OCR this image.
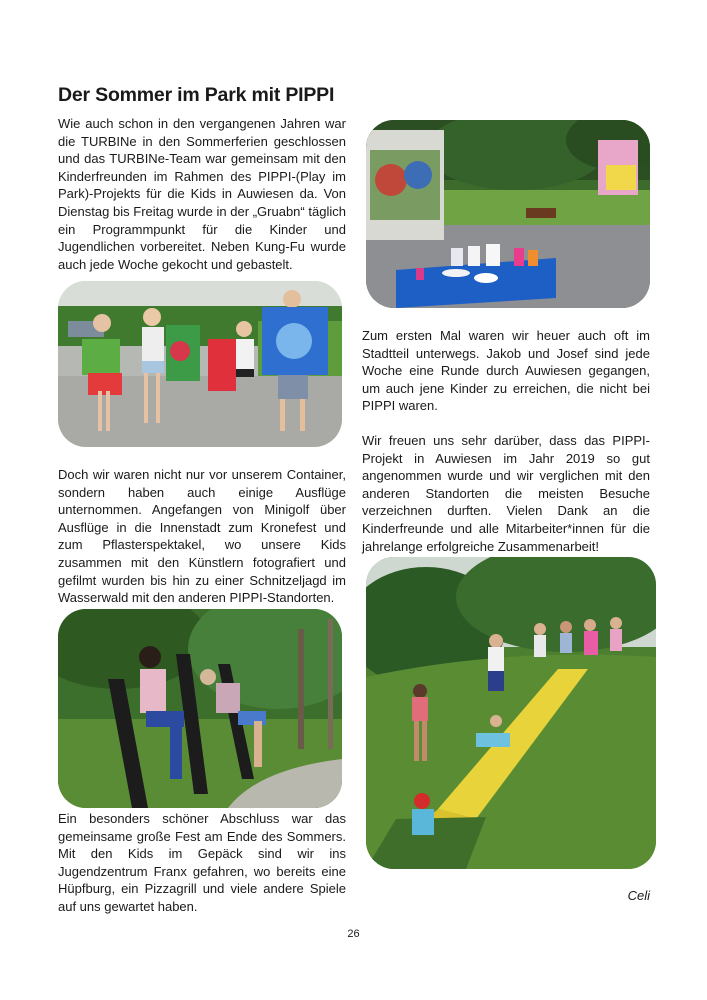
Der Sommer im Park mit PIPPI

Wie auch schon in den vergangenen Jahren war die TURBINe in den Sommerferien geschlossen und das TURBINe-Team war gemeinsam mit den Kinderfreunden im Rahmen des PIPPI-(Play im Park)-Projekts für die Kids in Auwiesen da. Von Dienstag bis Freitag wurde in der „Gruabn“ täglich ein Programmpunkt für die Kinder und Jugendlichen vorbereitet. Neben Kung-Fu wurde auch jede Woche gekocht und gebastelt.

Doch wir waren nicht nur vor unserem Container, sondern haben auch einige Ausflüge unternommen. Angefangen von Minigolf über Ausflüge in die Innenstadt zum Kronefest und zum Pflasterspektakel, wo unsere Kids zusammen mit den Künstlern fotografiert und gefilmt wurden bis hin zu einer Schnitzeljagd im Wasserwald mit den anderen PIPPI-Standorten.

Ein besonders schöner Abschluss war das gemeinsame große Fest am Ende des Sommers. Mit den Kids im Gepäck sind wir ins Jugendzentrum Franx gefahren, wo bereits eine Hüpfburg, ein Pizzagrill und viele andere Spiele auf uns gewartet haben.

Zum ersten Mal waren wir heuer auch oft im Stadtteil unterwegs. Jakob und Josef sind jede Woche eine Runde durch Auwiesen gegangen, um auch jene Kinder zu erreichen, die nicht bei PIPPI waren.

Wir freuen uns sehr darüber, dass das PIPPI-Projekt in Auwiesen im Jahr 2019 so gut angenommen wurde und wir verglichen mit den anderen Standorten die meisten Besuche verzeichnen durften. Vielen Dank an die Kinderfreunde und alle Mitarbeiter*innen für die jahrelange erfolgreiche Zusammenarbeit!

Celi
26
